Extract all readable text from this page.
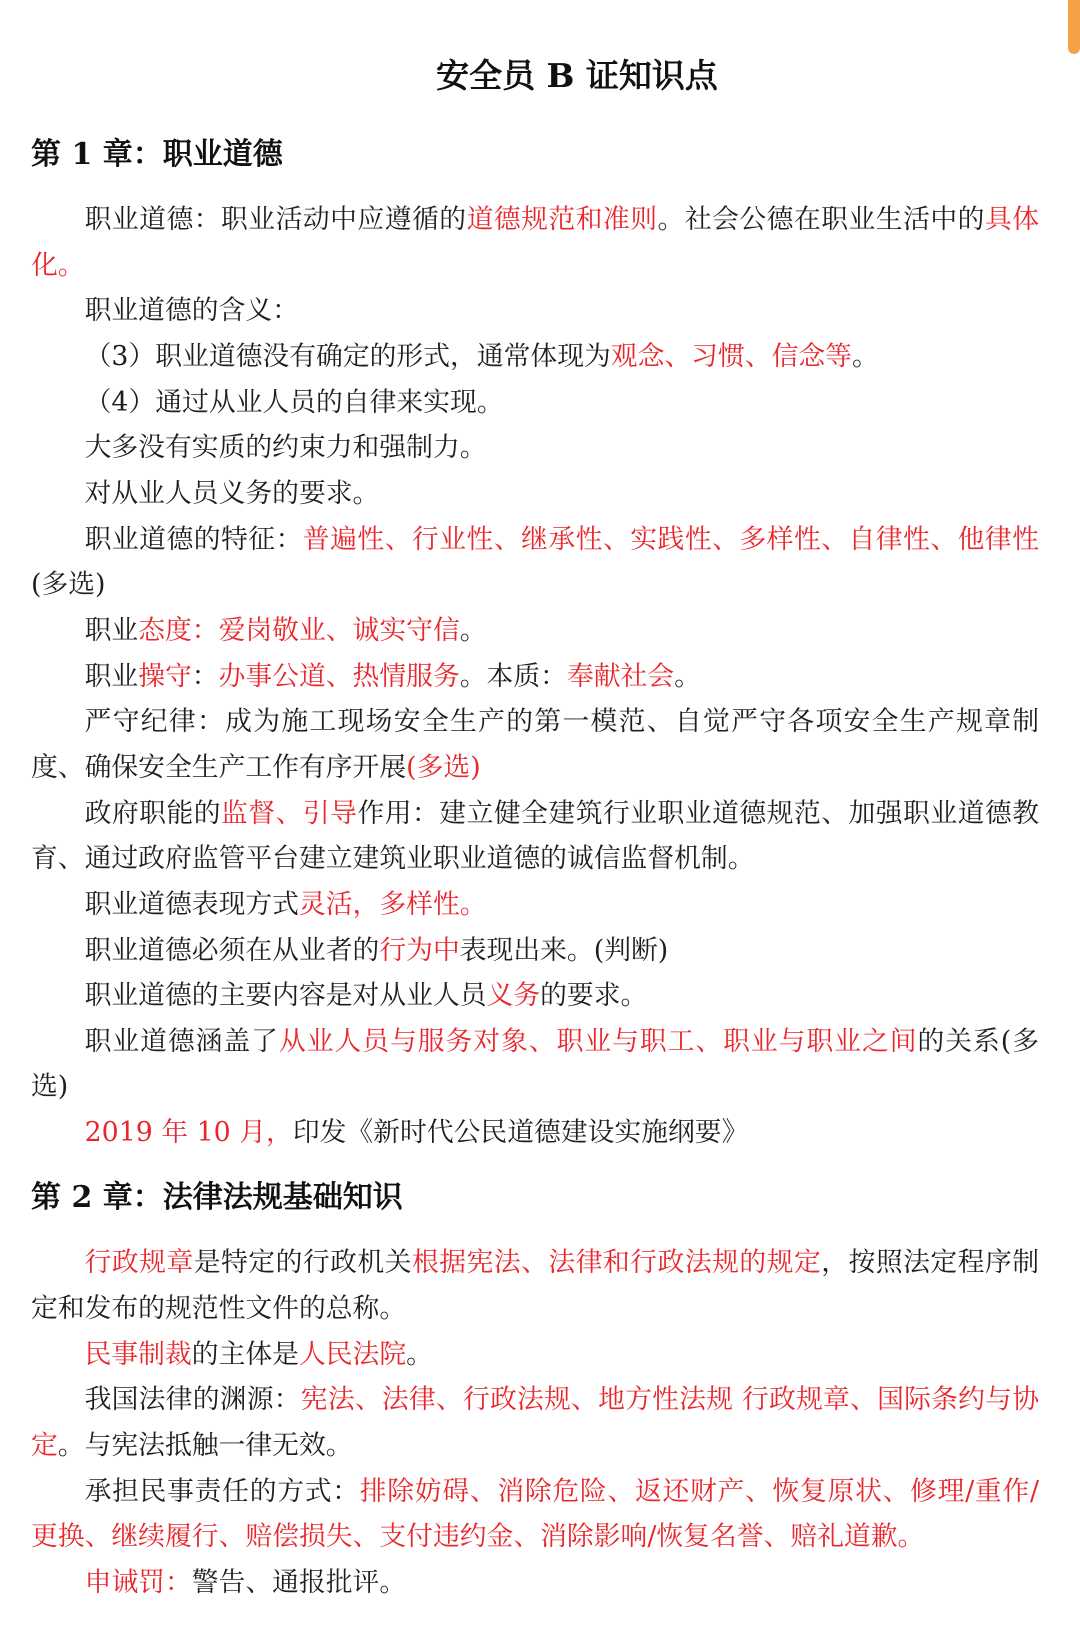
安全员 B 证知识点
第 1 章：职业道德

职业道德：职业活动中应遵循的道德规范和准则。社会公德在职业生活中的具体化。

职业道德的含义：

（3）职业道德没有确定的形式，通常体现为观念、习惯、信念等。

（4）通过从业人员的自律来实现。

大多没有实质的约束力和强制力。

对从业人员义务的要求。

职业道德的特征：普遍性、行业性、继承性、实践性、多样性、自律性、他律性(多选)

职业态度：爱岗敬业、诚实守信。

职业操守：办事公道、热情服务。本质：奉献社会。

严守纪律：成为施工现场安全生产的第一模范、自觉严守各项安全生产规章制度、确保安全生产工作有序开展(多选)

政府职能的监督、引导作用：建立健全建筑行业职业道德规范、加强职业道德教育、通过政府监管平台建立建筑业职业道德的诚信监督机制。

职业道德表现方式灵活，多样性。

职业道德必须在从业者的行为中表现出来。(判断)

职业道德的主要内容是对从业人员义务的要求。

职业道德涵盖了从业人员与服务对象、职业与职工、职业与职业之间的关系(多选)

2019 年 10 月，印发《新时代公民道德建设实施纲要》

第 2 章：法律法规基础知识

行政规章是特定的行政机关根据宪法、法律和行政法规的规定，按照法定程序制定和发布的规范性文件的总称。

民事制裁的主体是人民法院。

我国法律的渊源：宪法、法律、行政法规、地方性法规 行政规章、国际条约与协定。与宪法抵触一律无效。

承担民事责任的方式：排除妨碍、消除危险、返还财产、恢复原状、修理/重作/更换、继续履行、赔偿损失、支付违约金、消除影响/恢复名誉、赔礼道歉。

申诫罚：警告、通报批评。
